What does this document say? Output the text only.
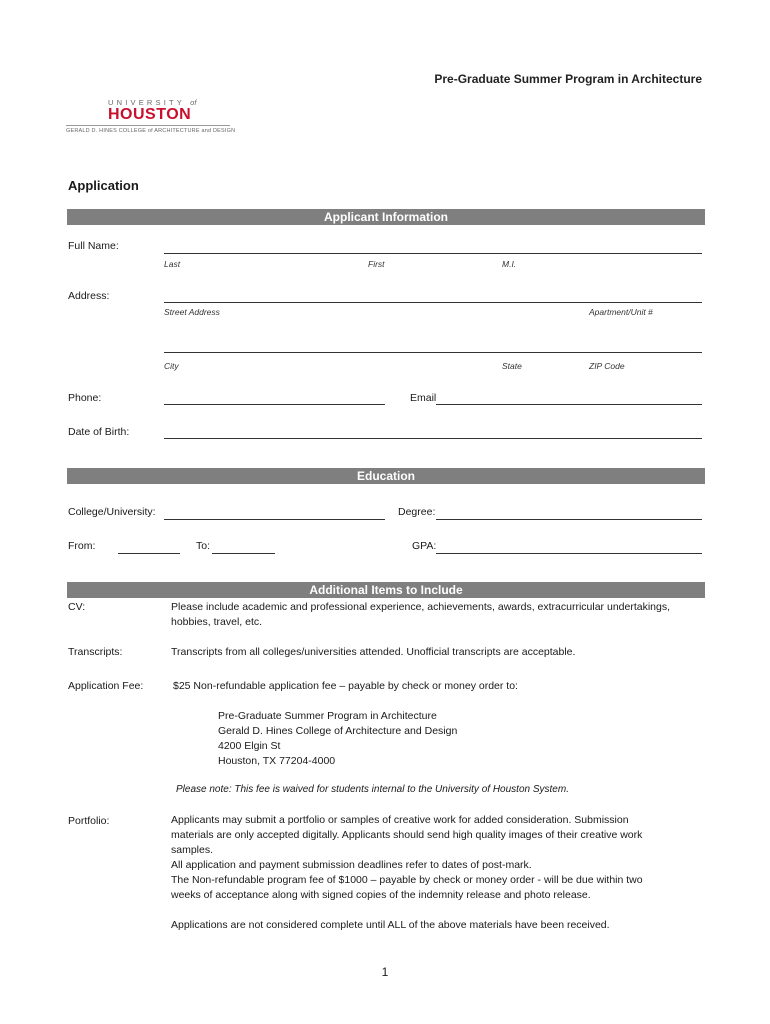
Pre-Graduate Summer Program in Architecture
UNIVERSITY of
HOUSTON
GERALD D. HINES COLLEGE of ARCHITECTURE and DESIGN
Application
Applicant Information
Full Name:
Last	First	M.I.
Address:
Street Address	Apartment/Unit #
City	State	ZIP Code
Phone:	Email
Date of Birth:
Education
College/University:	Degree:
From:	To:	GPA:
Additional Items to Include
CV:	Please include academic and professional experience, achievements, awards, extracurricular undertakings,
hobbies, travel, etc.
Transcripts:	Transcripts from all colleges/universities attended. Unofficial transcripts are acceptable.
Application Fee:	$25 Non-refundable application fee – payable by check or money order to:
Pre-Graduate Summer Program in Architecture
Gerald D. Hines College of Architecture and Design
4200 Elgin St
Houston, TX 77204-4000
Please note: This fee is waived for students internal to the University of Houston System.
Portfolio:	Applicants may submit a portfolio or samples of creative work for added consideration. Submission
materials are only accepted digitally. Applicants should send high quality images of their creative work
samples.
All application and payment submission deadlines refer to dates of post-mark.
The Non-refundable program fee of $1000 – payable by check or money order - will be due within two
weeks of acceptance along with signed copies of the indemnity release and photo release.
Applications are not considered complete until ALL of the above materials have been received.
1
